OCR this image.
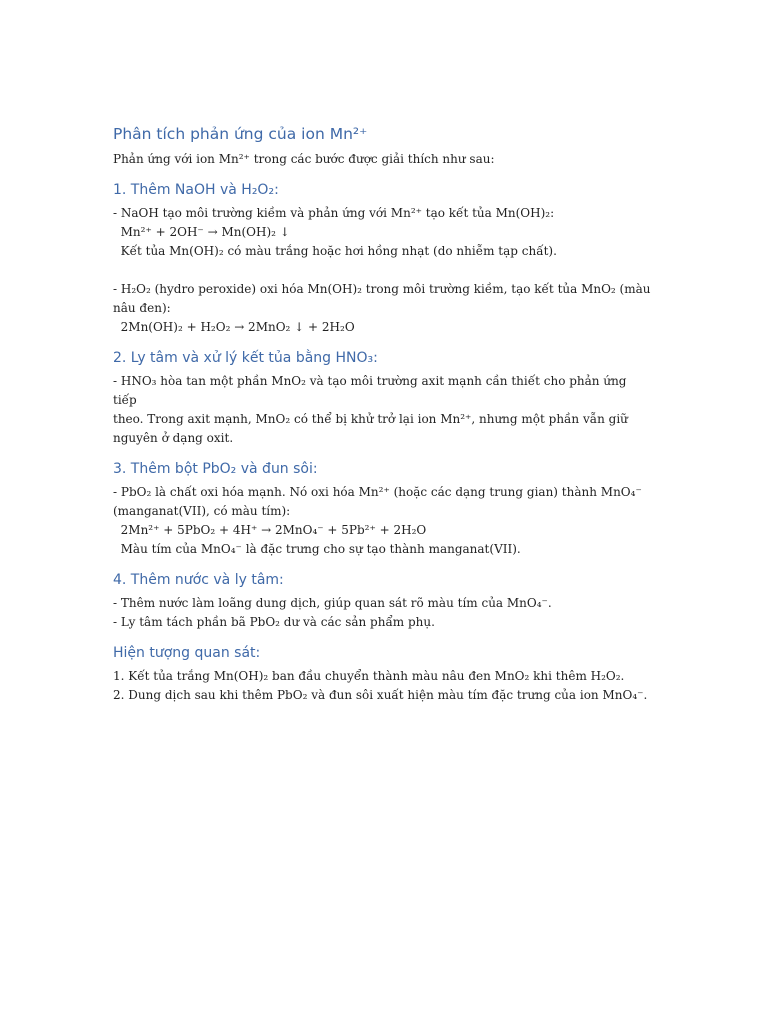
Phân tích phản ứng của ion Mn²⁺
Phản ứng với ion Mn²⁺ trong các bước được giải thích như sau:
1. Thêm NaOH và H₂O₂:
- NaOH tạo môi trường kiềm và phản ứng với Mn²⁺ tạo kết tủa Mn(OH)₂:
Mn²⁺ + 2OH⁻ → Mn(OH)₂ ↓
Kết tủa Mn(OH)₂ có màu trắng hoặc hơi hồng nhạt (do nhiễm tạp chất).
- H₂O₂ (hydro peroxide) oxi hóa Mn(OH)₂ trong môi trường kiềm, tạo kết tủa MnO₂ (màu
nâu đen):
2Mn(OH)₂ + H₂O₂ → 2MnO₂ ↓ + 2H₂O
2. Ly tâm và xử lý kết tủa bằng HNO₃:
- HNO₃ hòa tan một phần MnO₂ và tạo môi trường axit mạnh cần thiết cho phản ứng tiếp
theo. Trong axit mạnh, MnO₂ có thể bị khử trở lại ion Mn²⁺, nhưng một phần vẫn giữ
nguyên ở dạng oxit.
3. Thêm bột PbO₂ và đun sôi:
- PbO₂ là chất oxi hóa mạnh. Nó oxi hóa Mn²⁺ (hoặc các dạng trung gian) thành MnO₄⁻
(manganat(VII), có màu tím):
2Mn²⁺ + 5PbO₂ + 4H⁺ → 2MnO₄⁻ + 5Pb²⁺ + 2H₂O
Màu tím của MnO₄⁻ là đặc trưng cho sự tạo thành manganat(VII).
4. Thêm nước và ly tâm:
- Thêm nước làm loãng dung dịch, giúp quan sát rõ màu tím của MnO₄⁻.
- Ly tâm tách phần bã PbO₂ dư và các sản phẩm phụ.
Hiện tượng quan sát:
1. Kết tủa trắng Mn(OH)₂ ban đầu chuyển thành màu nâu đen MnO₂ khi thêm H₂O₂.
2. Dung dịch sau khi thêm PbO₂ và đun sôi xuất hiện màu tím đặc trưng của ion MnO₄⁻.
